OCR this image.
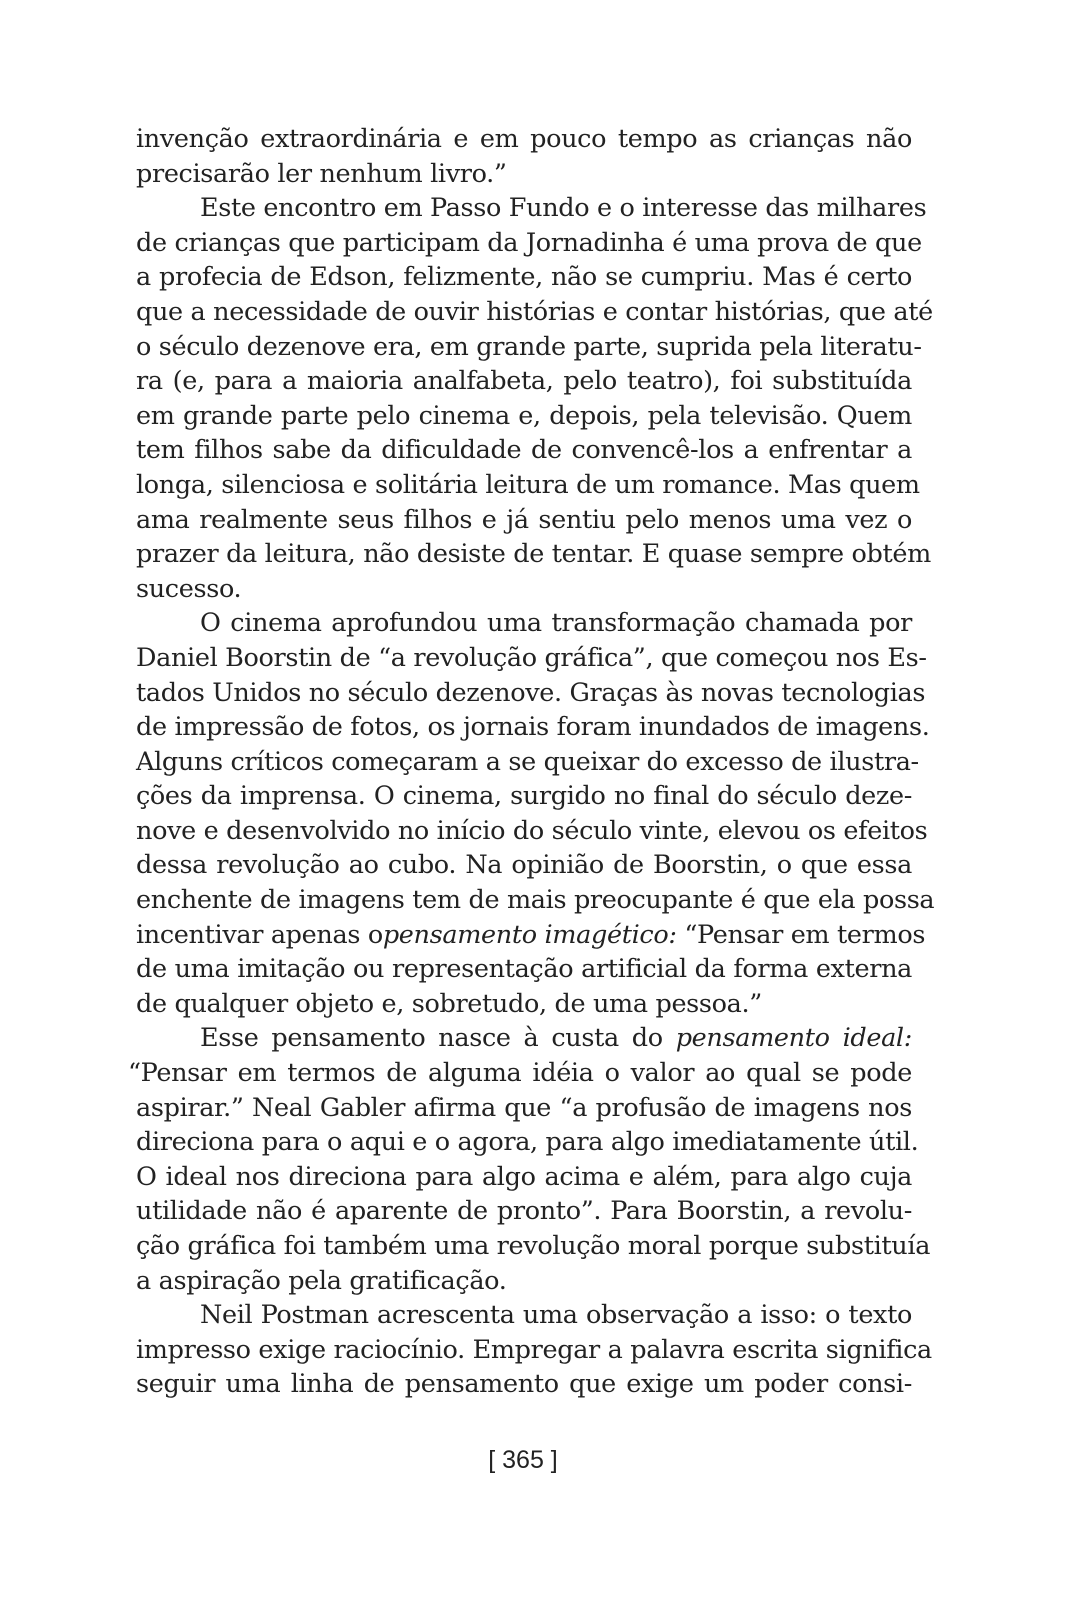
invenção extraordinária e em pouco tempo as crianças não
precisarão ler nenhum livro.”
Este encontro em Passo Fundo e o interesse das milhares
de crianças que participam da Jornadinha é uma prova de que
a profecia de Edson, felizmente, não se cumpriu. Mas é certo
que a necessidade de ouvir histórias e contar histórias, que até
o século dezenove era, em grande parte, suprida pela literatu-
ra (e, para a maioria analfabeta, pelo teatro), foi substituída
em grande parte pelo cinema e, depois, pela televisão. Quem
tem filhos sabe da dificuldade de convencê-los a enfrentar a
longa, silenciosa e solitária leitura de um romance. Mas quem
ama realmente seus filhos e já sentiu pelo menos uma vez o
prazer da leitura, não desiste de tentar. E quase sempre obtém
sucesso.
O cinema aprofundou uma transformação chamada por
Daniel Boorstin de “a revolução gráfica”, que começou nos Es-
tados Unidos no século dezenove. Graças às novas tecnologias
de impressão de fotos, os jornais foram inundados de imagens.
Alguns críticos começaram a se queixar do excesso de ilustra-
ções da imprensa. O cinema, surgido no final do século deze-
nove e desenvolvido no início do século vinte, elevou os efeitos
dessa revolução ao cubo. Na opinião de Boorstin, o que essa
enchente de imagens tem de mais preocupante é que ela possa
incentivar apenas opensamento imagético: “Pensar em termos
de uma imitação ou representação artificial da forma externa
de qualquer objeto e, sobretudo, de uma pessoa.”
Esse pensamento nasce à custa do pensamento ideal:
“Pensar em termos de alguma idéia o valor ao qual se pode
aspirar.” Neal Gabler afirma que “a profusão de imagens nos
direciona para o aqui e o agora, para algo imediatamente útil.
O ideal nos direciona para algo acima e além, para algo cuja
utilidade não é aparente de pronto”. Para Boorstin, a revolu-
ção gráfica foi também uma revolução moral porque substituía
a aspiração pela gratificação.
Neil Postman acrescenta uma observação a isso: o texto
impresso exige raciocínio. Empregar a palavra escrita significa
seguir uma linha de pensamento que exige um poder consi-
[ 365 ]
